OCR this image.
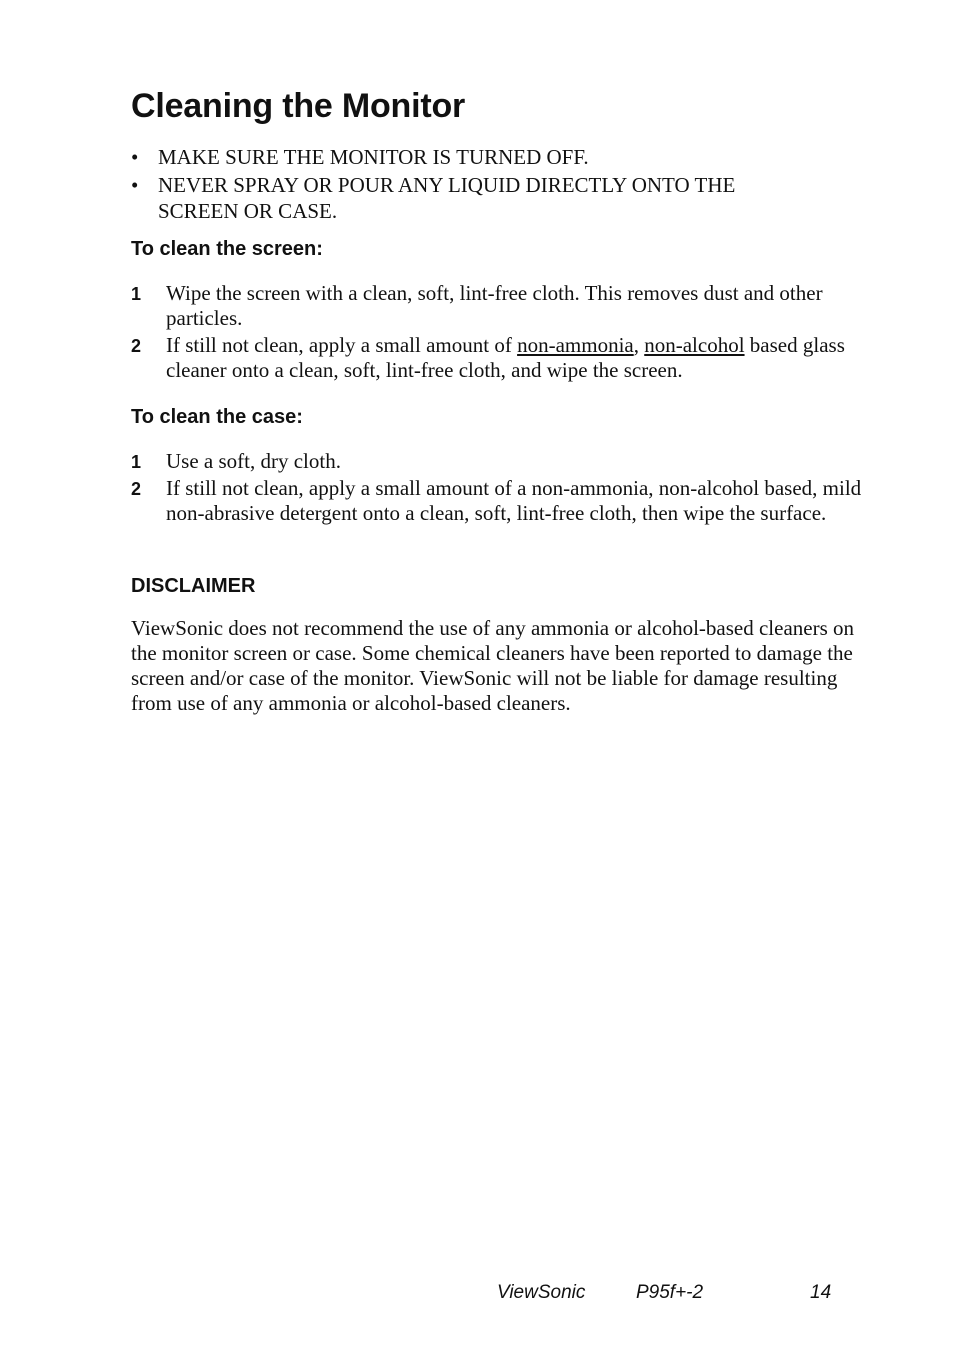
Cleaning the Monitor
• MAKE SURE THE MONITOR IS TURNED OFF.
• NEVER SPRAY OR POUR ANY LIQUID DIRECTLY ONTO THE SCREEN OR CASE.
To clean the screen:
1 Wipe the screen with a clean, soft, lint-free cloth. This removes dust and other particles.
2 If still not clean, apply a small amount of non-ammonia, non-alcohol based glass cleaner onto a clean, soft, lint-free cloth, and wipe the screen.
To clean the case:
1 Use a soft, dry cloth.
2 If still not clean, apply a small amount of a non-ammonia, non-alcohol based, mild non-abrasive detergent onto a clean, soft, lint-free cloth, then wipe the surface.
DISCLAIMER

ViewSonic does not recommend the use of any ammonia or alcohol-based cleaners on the monitor screen or case. Some chemical cleaners have been reported to damage the screen and/or case of the monitor. ViewSonic will not be liable for damage resulting from use of any ammonia or alcohol-based cleaners.

ViewSonic	P95f+-2	14
